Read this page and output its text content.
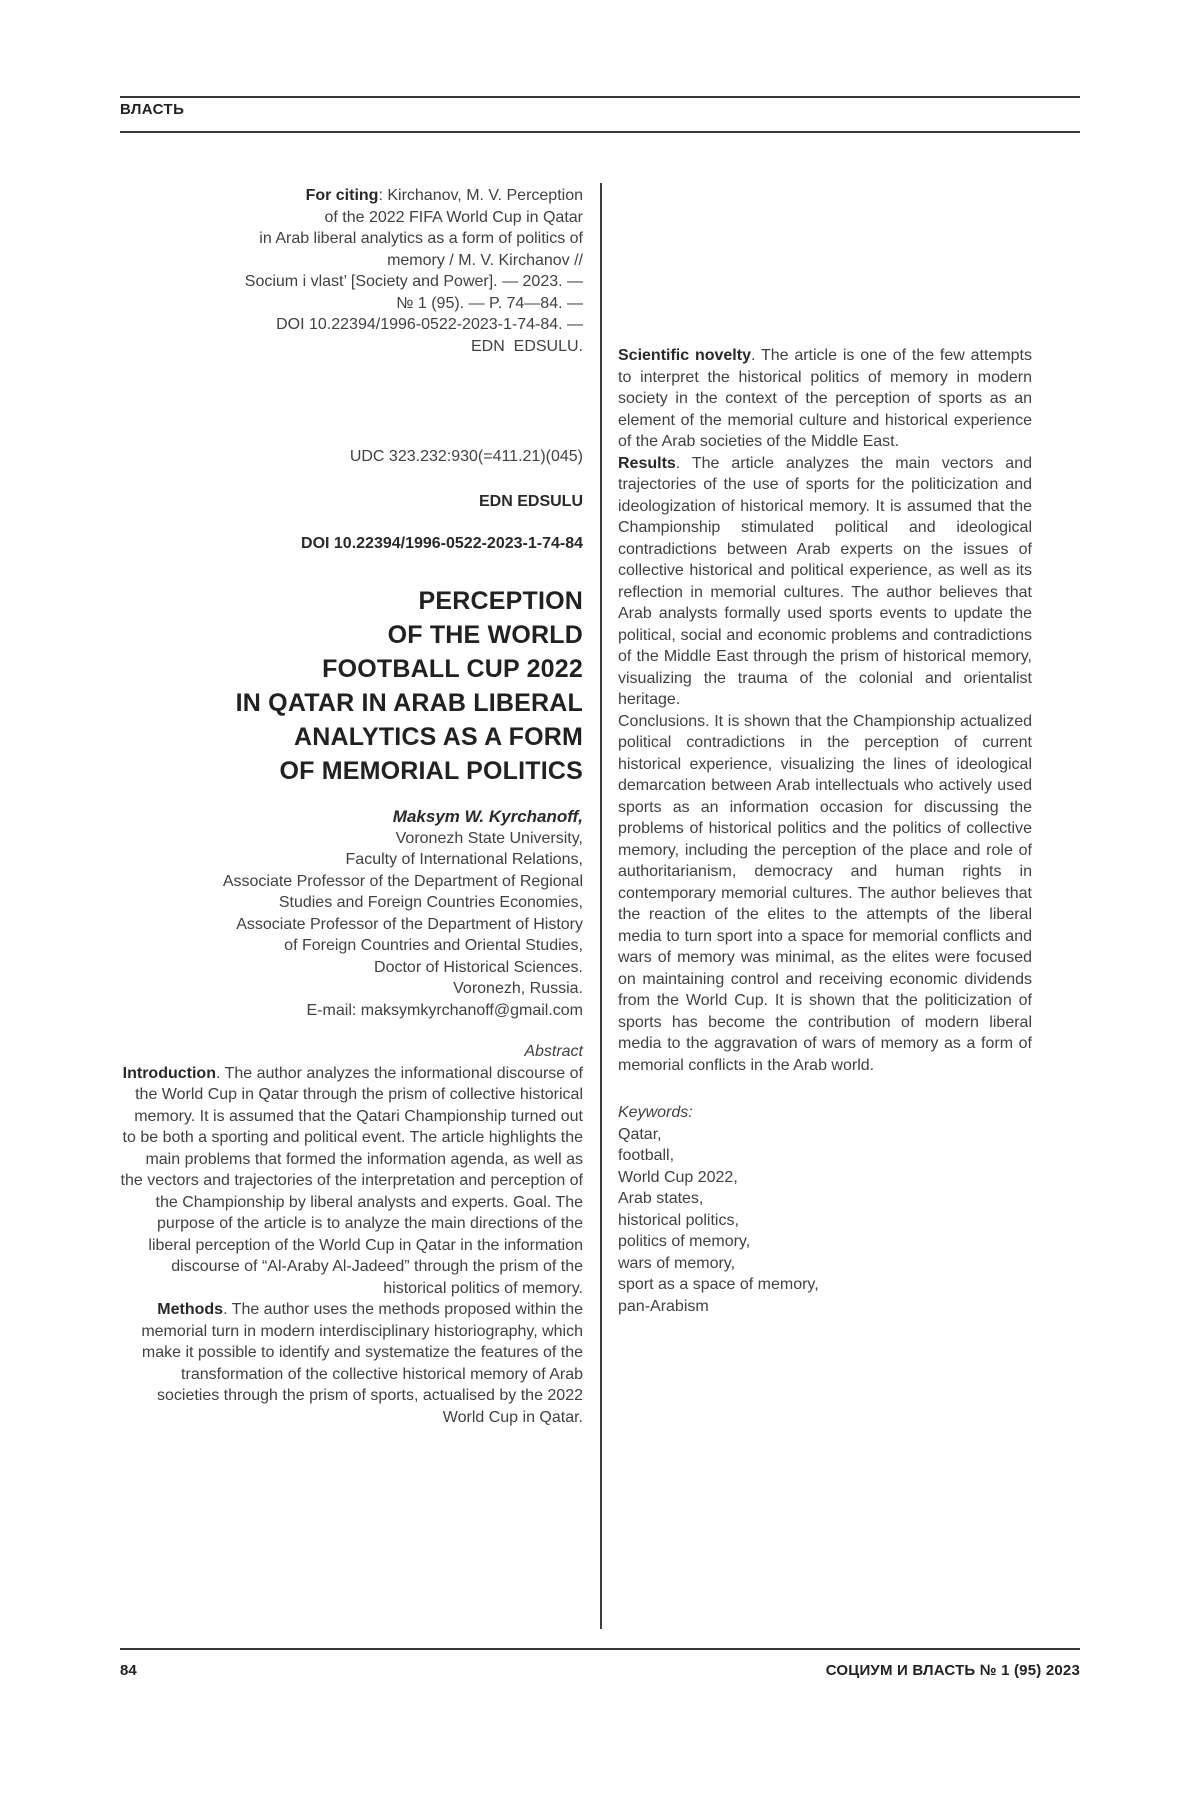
ВЛАСТЬ
For citing: Kirchanov, M. V. Perception
of the 2022 FIFA World Cup in Qatar
in Arab liberal analytics as a form of politics of
memory / M. V. Kirchanov //
Socium i vlast’ [Society and Power]. — 2023. —
№ 1 (95). — P. 74—84. —
DOI 10.22394/1996-0522-2023-1-74-84. —
EDN  EDSULU.
UDC 323.232:930(=411.21)(045)
EDN EDSULU
DOI 10.22394/1996-0522-2023-1-74-84
PERCEPTION
OF THE WORLD
FOOTBALL CUP 2022
IN QATAR IN ARAB LIBERAL
ANALYTICS AS A FORM
OF MEMORIAL POLITICS
Maksym W. Kyrchanoff,
Voronezh State University,
Faculty of International Relations,
Associate Professor of the Department of Regional
Studies and Foreign Countries Economies,
Associate Professor of the Department of History
of Foreign Countries and Oriental Studies,
Doctor of Historical Sciences.
Voronezh, Russia.
E-mail: maksymkyrchanoff@gmail.com
Abstract

Introduction. The author analyzes the informational discourse of the World Cup in Qatar through the prism of collective historical memory. It is assumed that the Qatari Championship turned out to be both a sporting and political event. The article highlights the main problems that formed the information agenda, as well as the vectors and trajectories of the interpretation and perception of the Championship by liberal analysts and experts. Goal. The purpose of the article is to analyze the main directions of the liberal perception of the World Cup in Qatar in the information discourse of “Al-Araby Al-Jadeed” through the prism of the historical politics of memory.

Methods. The author uses the methods proposed within the memorial turn in modern interdisciplinary historiography, which make it possible to identify and systematize the features of the transformation of the collective historical memory of Arab societies through the prism of sports, actualised by the 2022 World Cup in Qatar.

Scientific novelty. The article is one of the few attempts to interpret the historical politics of memory in modern society in the context of the perception of sports as an element of the memorial culture and historical experience of the Arab societies of the Middle East.

Results. The article analyzes the main vectors and trajectories of the use of sports for the politicization and ideologization of historical memory. It is assumed that the Championship stimulated political and ideological contradictions between Arab experts on the issues of collective historical and political experience, as well as its reflection in memorial cultures. The author believes that Arab analysts formally used sports events to update the political, social and economic problems and contradictions of the Middle East through the prism of historical memory, visualizing the trauma of the colonial and orientalist heritage.

Conclusions. It is shown that the Championship actualized political contradictions in the perception of current historical experience, visualizing the lines of ideological demarcation between Arab intellectuals who actively used sports as an information occasion for discussing the problems of historical politics and the politics of collective memory, including the perception of the place and role of authoritarianism, democracy and human rights in contemporary memorial cultures. The author believes that the reaction of the elites to the attempts of the liberal media to turn sport into a space for memorial conflicts and wars of memory was minimal, as the elites were focused on maintaining control and receiving economic dividends from the World Cup. It is shown that the politicization of sports has become the contribution of modern liberal media to the aggravation of wars of memory as a form of memorial conflicts in the Arab world.

Keywords:
Qatar,
football,
World Cup 2022,
Arab states,
historical politics,
politics of memory,
wars of memory,
sport as a space of memory,
pan-Arabism
84	СОЦИУМ И ВЛАСТЬ № 1 (95) 2023
